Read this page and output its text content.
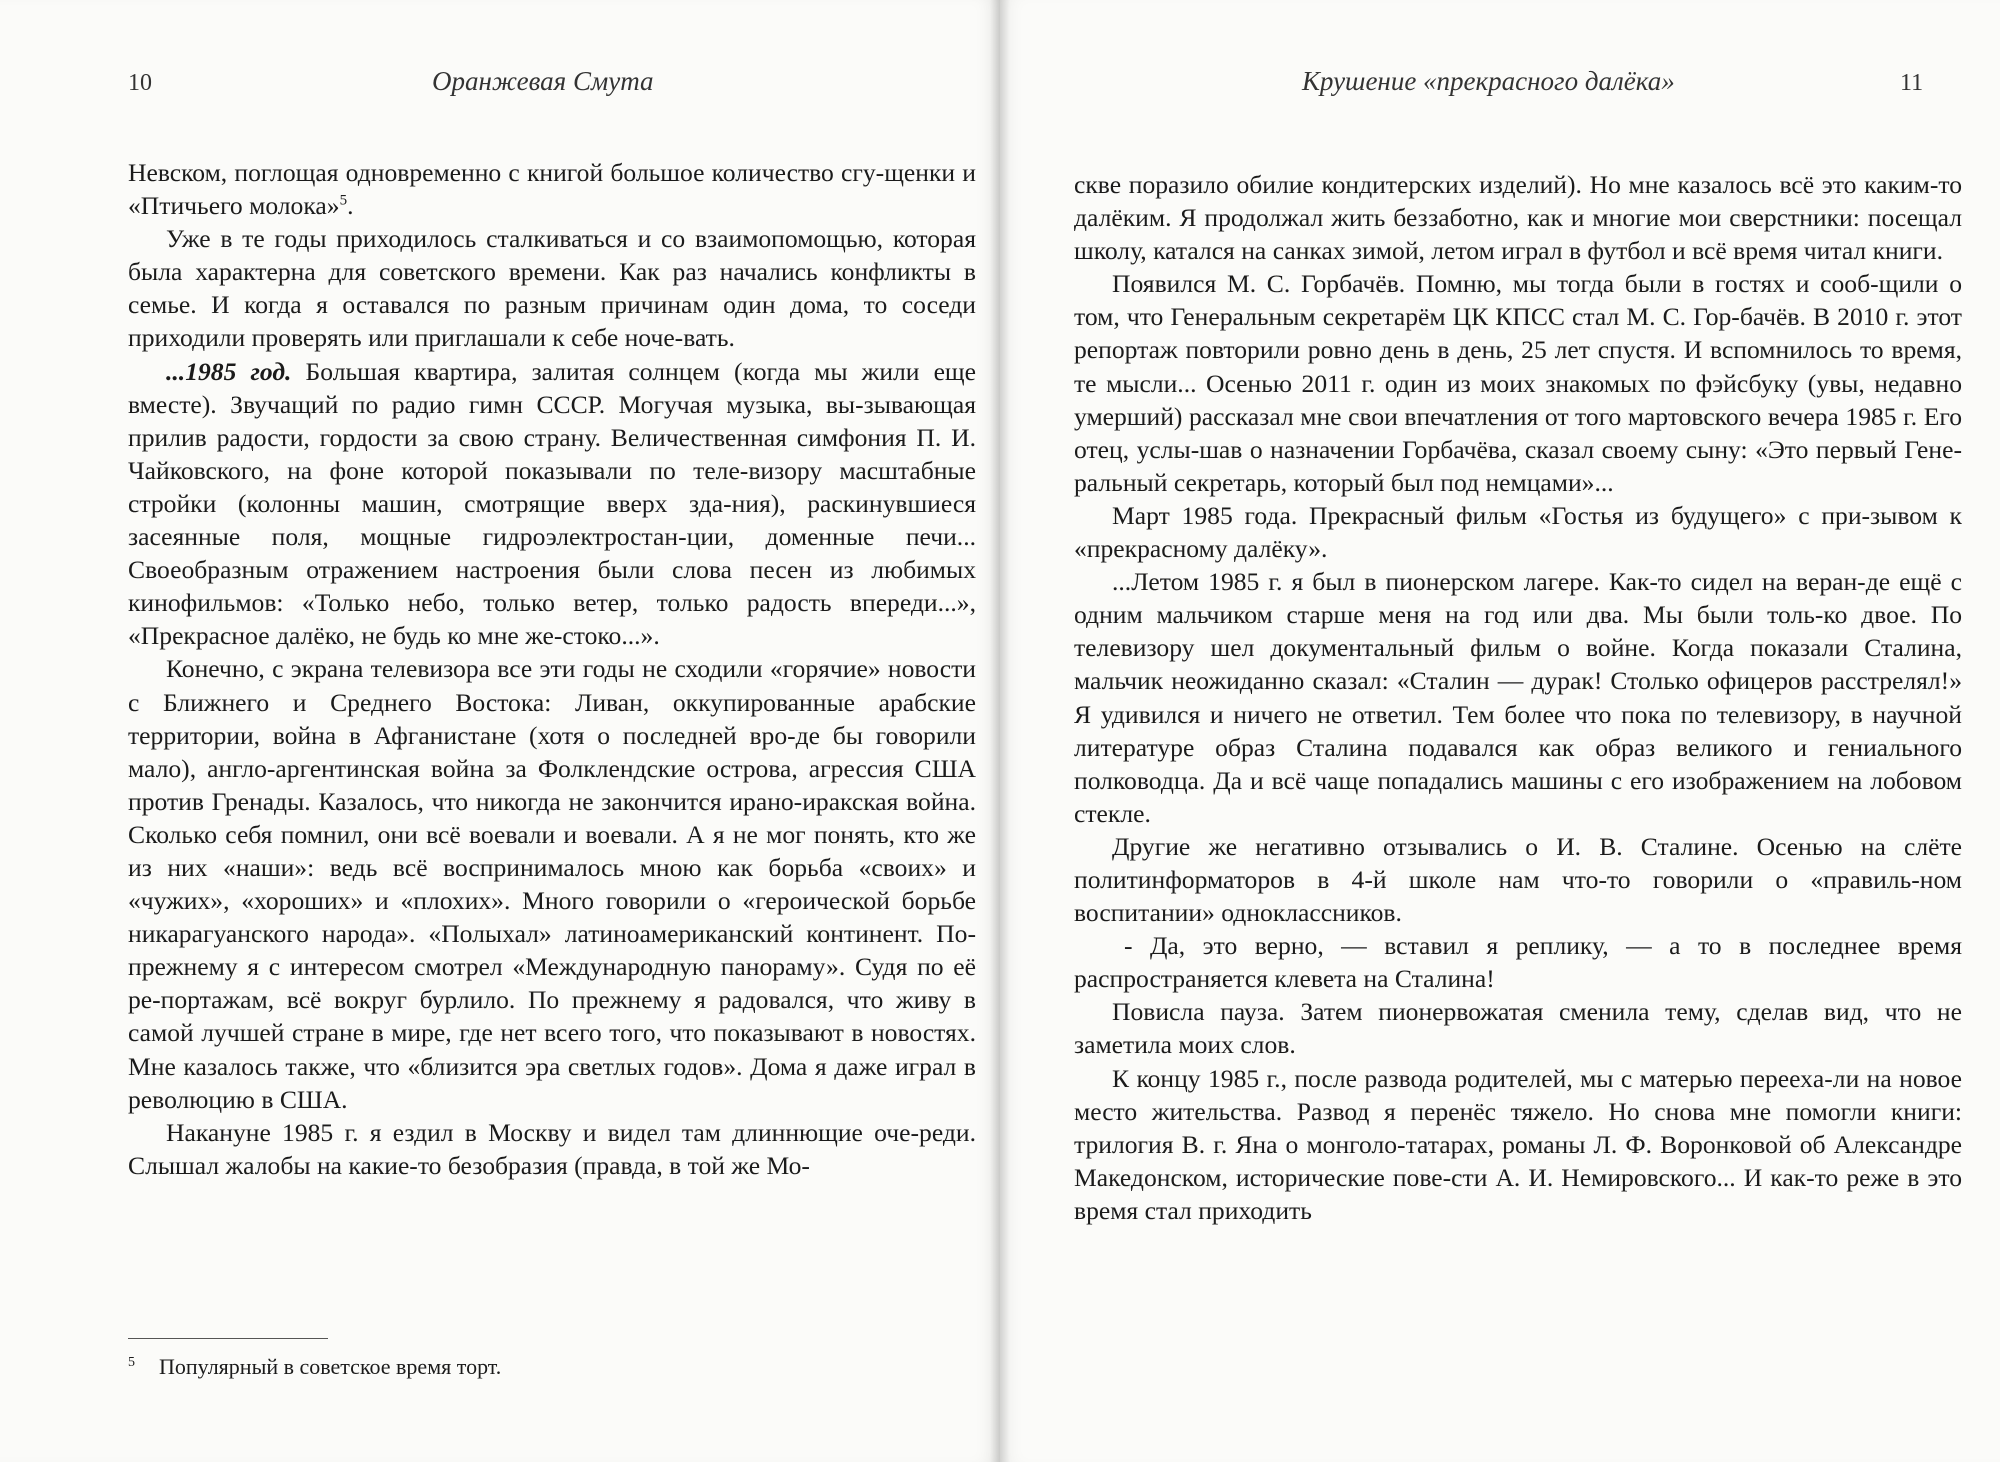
10	Оранжевая Смута

Невском, поглощая одновременно с книгой большое количество сгу-щенки и «Птичьего молока»$^5$.

Уже в те годы приходилось сталкиваться и со взаимопомощью, которая была характерна для советского времени. Как раз начались конфликты в семье. И когда я оставался по разным причинам один дома, то соседи приходили проверять или приглашали к себе ноче-вать.

...1985 год. Большая квартира, залитая солнцем (когда мы жили еще вместе). Звучащий по радио гимн СССР. Могучая музыка, вы-зывающая прилив радости, гордости за свою страну. Величественная симфония П. И. Чайковского, на фоне которой показывали по теле-визору масштабные стройки (колонны машин, смотрящие вверх зда-ния), раскинувшиеся засеянные поля, мощные гидроэлектростан-ции, доменные печи... Своеобразным отражением настроения были слова песен из любимых кинофильмов: «Только небо, только ветер, только радость впереди...», «Прекрасное далёко, не будь ко мне же-стоко...».

Конечно, с экрана телевизора все эти годы не сходили «горячие» новости с Ближнего и Среднего Востока: Ливан, оккупированные арабские территории, война в Афганистане (хотя о последней вро-де бы говорили мало), англо-аргентинская война за Фолклендские острова, агрессия США против Гренады. Казалось, что никогда не закончится ирано-иракская война. Сколько себя помнил, они всё воевали и воевали. А я не мог понять, кто же из них «наши»: ведь всё воспринималось мною как борьба «своих» и «чужих», «хороших» и «плохих». Много говорили о «героической борьбе никарагуанского народа». «Полыхал» латиноамериканский континент. По-прежнему я с интересом смотрел «Международную панораму». Судя по её ре-портажам, всё вокруг бурлило. По прежнему я радовался, что живу в самой лучшей стране в мире, где нет всего того, что показывают в новостях. Мне казалось также, что «близится эра светлых годов». Дома я даже играл в революцию в США.

Накануне 1985 г. я ездил в Москву и видел там длиннющие оче-реди. Слышал жалобы на какие-то безобразия (правда, в той же Мо-

$^5$ Популярный в советское время торт.
Крушение «прекрасного далёка»	11

скве поразило обилие кондитерских изделий). Но мне казалось всё это каким-то далёким. Я продолжал жить беззаботно, как и многие мои сверстники: посещал школу, катался на санках зимой, летом играл в футбол и всё время читал книги.

Появился М. С. Горбачёв. Помню, мы тогда были в гостях и сооб-щили о том, что Генеральным секретарём ЦК КПСС стал М. С. Гор-бачёв. В 2010 г. этот репортаж повторили ровно день в день, 25 лет спустя. И вспомнилось то время, те мысли... Осенью 2011 г. один из моих знакомых по фэйсбуку (увы, недавно умерший) рассказал мне свои впечатления от того мартовского вечера 1985 г. Его отец, услы-шав о назначении Горбачёва, сказал своему сыну: «Это первый Гене-ральный секретарь, который был под немцами»...

Март 1985 года. Прекрасный фильм «Гостья из будущего» с при-зывом к «прекрасному далёку».

...Летом 1985 г. я был в пионерском лагере. Как-то сидел на веран-де ещё с одним мальчиком старше меня на год или два. Мы были толь-ко двое. По телевизору шел документальный фильм о войне. Когда показали Сталина, мальчик неожиданно сказал: «Сталин — дурак! Столько офицеров расстрелял!» Я удивился и ничего не ответил. Тем более что пока по телевизору, в научной литературе образ Сталина подавался как образ великого и гениального полководца. Да и всё чаще попадались машины с его изображением на лобовом стекле.

Другие же негативно отзывались о И. В. Сталине. Осенью на слёте политинформаторов в 4-й школе нам что-то говорили о «правиль-ном воспитании» одноклассников.

- Да, это верно, — вставил я реплику, — а то в последнее время распространяется клевета на Сталина!

Повисла пауза. Затем пионервожатая сменила тему, сделав вид, что не заметила моих слов.

К концу 1985 г., после развода родителей, мы с матерью переехa-ли на новое место жительства. Развод я перенёс тяжело. Но снова мне помогли книги: трилогия В. г. Яна о монголо-татарах, романы Л. Ф. Воронковой об Александре Македонском, исторические пове-сти А. И. Немировского... И как-то реже в это время стал приходить
